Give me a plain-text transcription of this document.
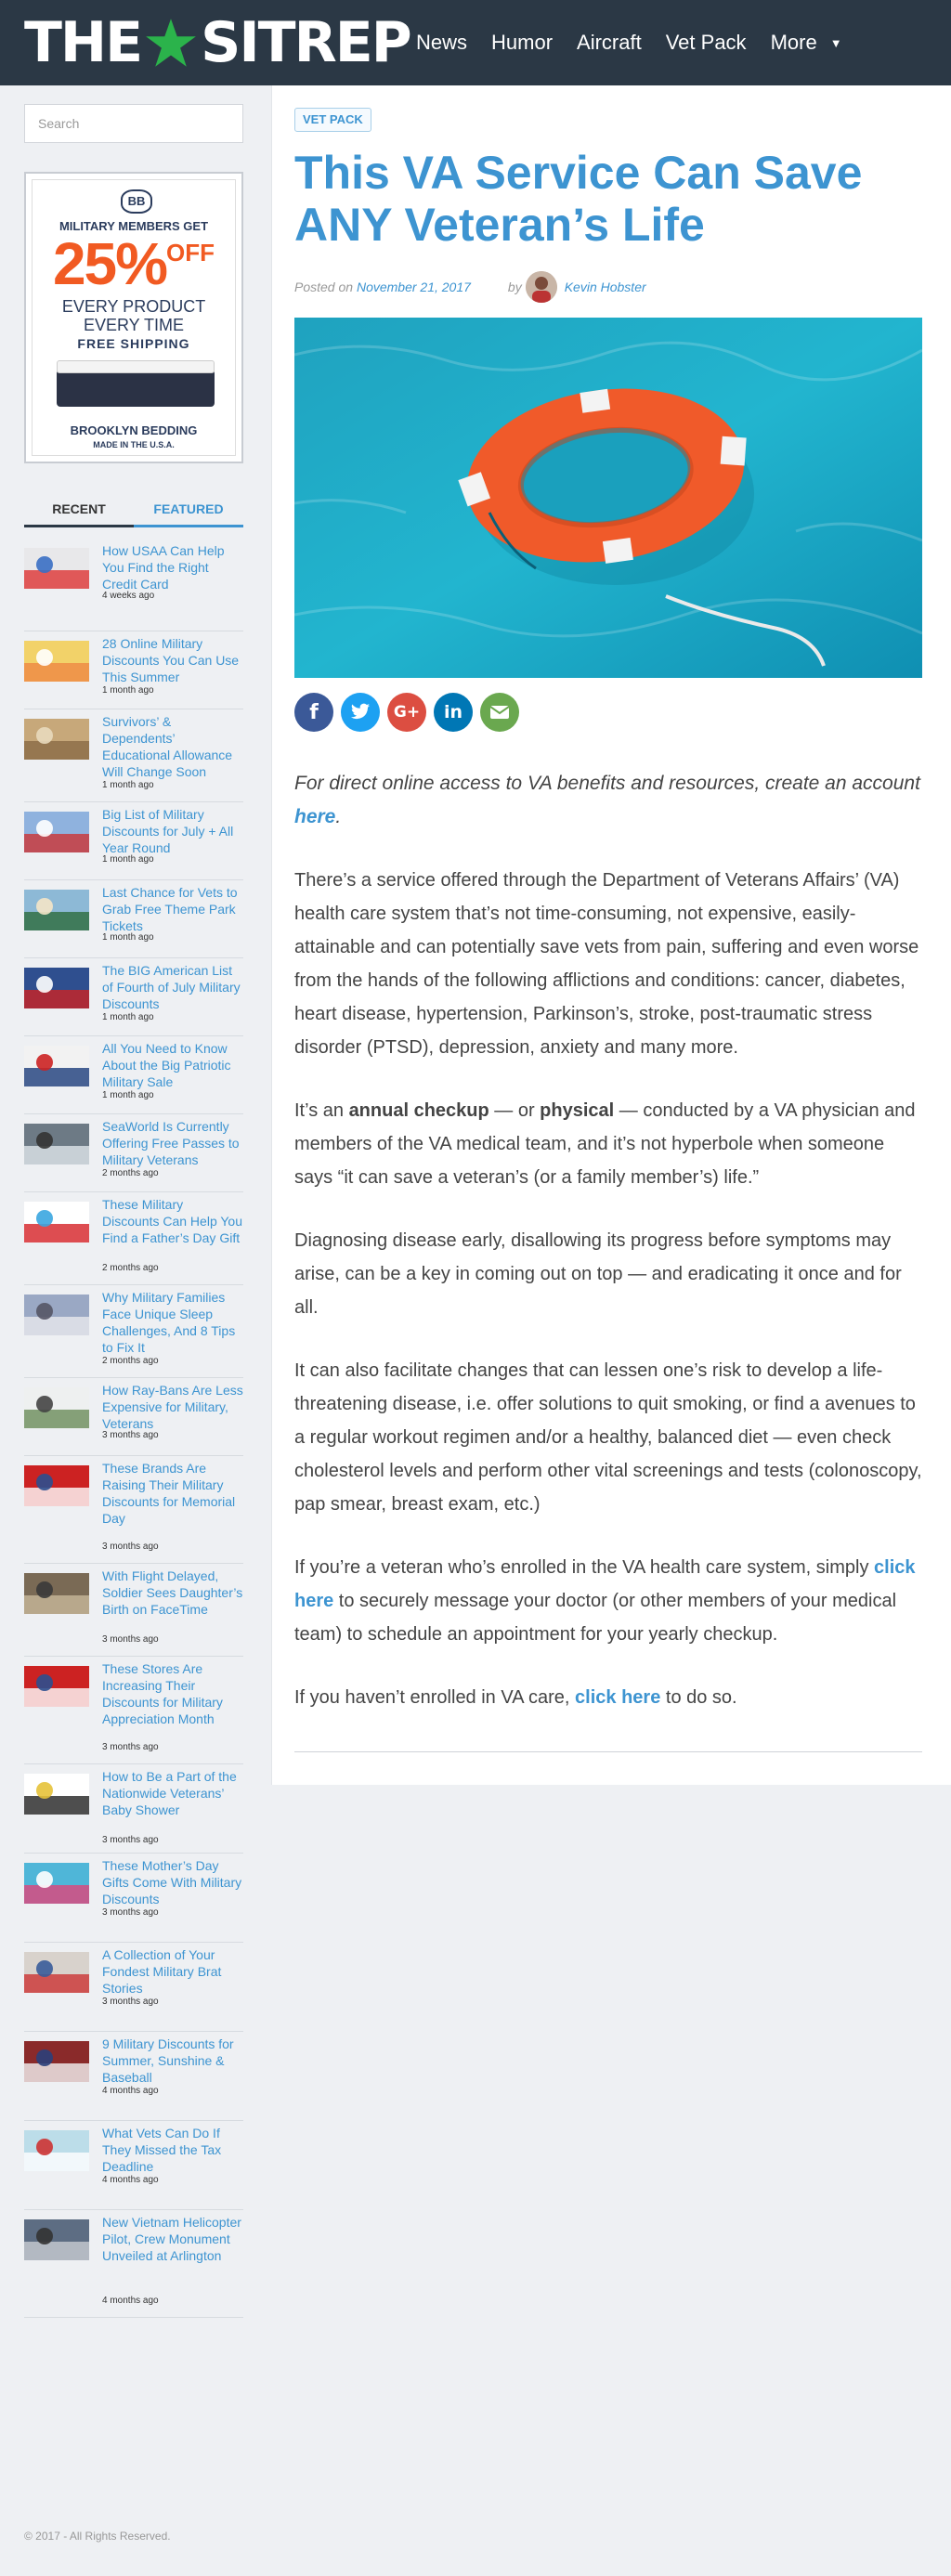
THE SITREP News Humor Aircraft Vet Pack More ▼
Search
BB
MILITARY MEMBERS GET
25%$^{OFF}$
EVERY PRODUCT
EVERY TIME
FREE SHIPPING
BROOKLYN BEDDING
MADE IN THE U.S.A.
RECENT	FEATURED
How USAA Can Help You Find the Right Credit Card
4 weeks ago
28 Online Military Discounts You Can Use This Summer
1 month ago
Survivors’ & Dependents’ Educational Allowance Will Change Soon
1 month ago
Big List of Military Discounts for July + All Year Round
1 month ago
Last Chance for Vets to Grab Free Theme Park Tickets
1 month ago
The BIG American List of Fourth of July Military Discounts
1 month ago
All You Need to Know About the Big Patriotic Military Sale
1 month ago
SeaWorld Is Currently Offering Free Passes to Military Veterans
2 months ago
These Military Discounts Can Help You Find a Father’s Day Gift
2 months ago
Why Military Families Face Unique Sleep Challenges, And 8 Tips to Fix It
2 months ago
How Ray-Bans Are Less Expensive for Military, Veterans
3 months ago
These Brands Are Raising Their Military Discounts for Memorial Day
3 months ago
With Flight Delayed, Soldier Sees Daughter’s Birth on FaceTime
3 months ago
These Stores Are Increasing Their Discounts for Military Appreciation Month
3 months ago
How to Be a Part of the Nationwide Veterans’ Baby Shower
3 months ago
These Mother’s Day Gifts Come With Military Discounts
3 months ago
A Collection of Your Fondest Military Brat Stories
3 months ago
9 Military Discounts for Summer, Sunshine & Baseball
4 months ago
What Vets Can Do If They Missed the Tax Deadline
4 months ago
New Vietnam Helicopter Pilot, Crew Monument Unveiled at Arlington
4 months ago
© 2017 - All Rights Reserved.
VET PACK
This VA Service Can Save ANY Veteran’s Life
Posted on
November 21, 2017	by	Kevin Hobster
f	G+	in

For direct online access to VA benefits and resources, create an account here.

There’s a service offered through the Department of Veterans Affairs’ (VA) health care system that’s not time-consuming, not expensive, easily-attainable and can potentially save vets from pain, suffering and even worse from the hands of the following afflictions and conditions: cancer, diabetes, heart disease, hypertension, Parkinson’s, stroke, post-traumatic stress disorder (PTSD), depression, anxiety and many more.

It’s an annual checkup — or physical — conducted by a VA physician and members of the VA medical team, and it’s not hyperbole when someone says “it can save a veteran’s (or a family member’s) life.”

Diagnosing disease early, disallowing its progress before symptoms may arise, can be a key in coming out on top — and eradicating it once and for all.

It can also facilitate changes that can lessen one’s risk to develop a life-threatening disease, i.e. offer solutions to quit smoking, or find a avenues to a regular workout regimen and/or a healthy, balanced diet — even check cholesterol levels and perform other vital screenings and tests (colonoscopy, pap smear, breast exam, etc.)

If you’re a veteran who’s enrolled in the VA health care system, simply click here to securely message your doctor (or other members of your medical team) to schedule an appointment for your yearly checkup.

If you haven’t enrolled in VA care, click here to do so.
